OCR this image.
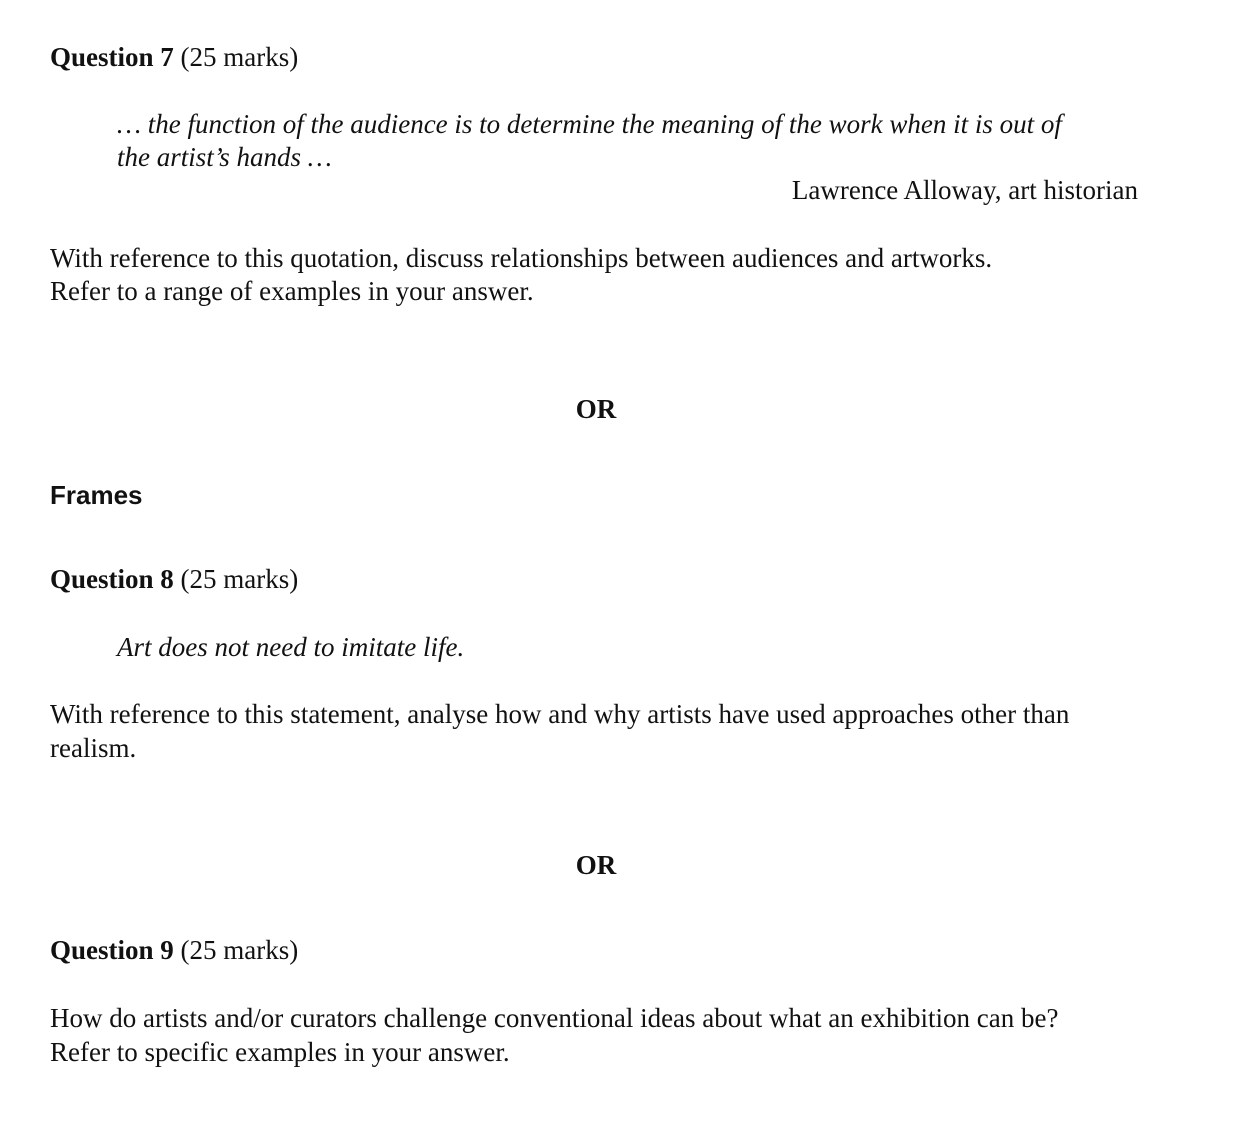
Question 7 (25 marks)
… the function of the audience is to determine the meaning of the work when it is out of
the artist’s hands …
Lawrence Alloway, art historian
With reference to this quotation, discuss relationships between audiences and artworks.
Refer to a range of examples in your answer.
OR
Frames
Question 8 (25 marks)
Art does not need to imitate life.
With reference to this statement, analyse how and why artists have used approaches other than
realism.
OR
Question 9 (25 marks)
How do artists and/or curators challenge conventional ideas about what an exhibition can be?
Refer to specific examples in your answer.
